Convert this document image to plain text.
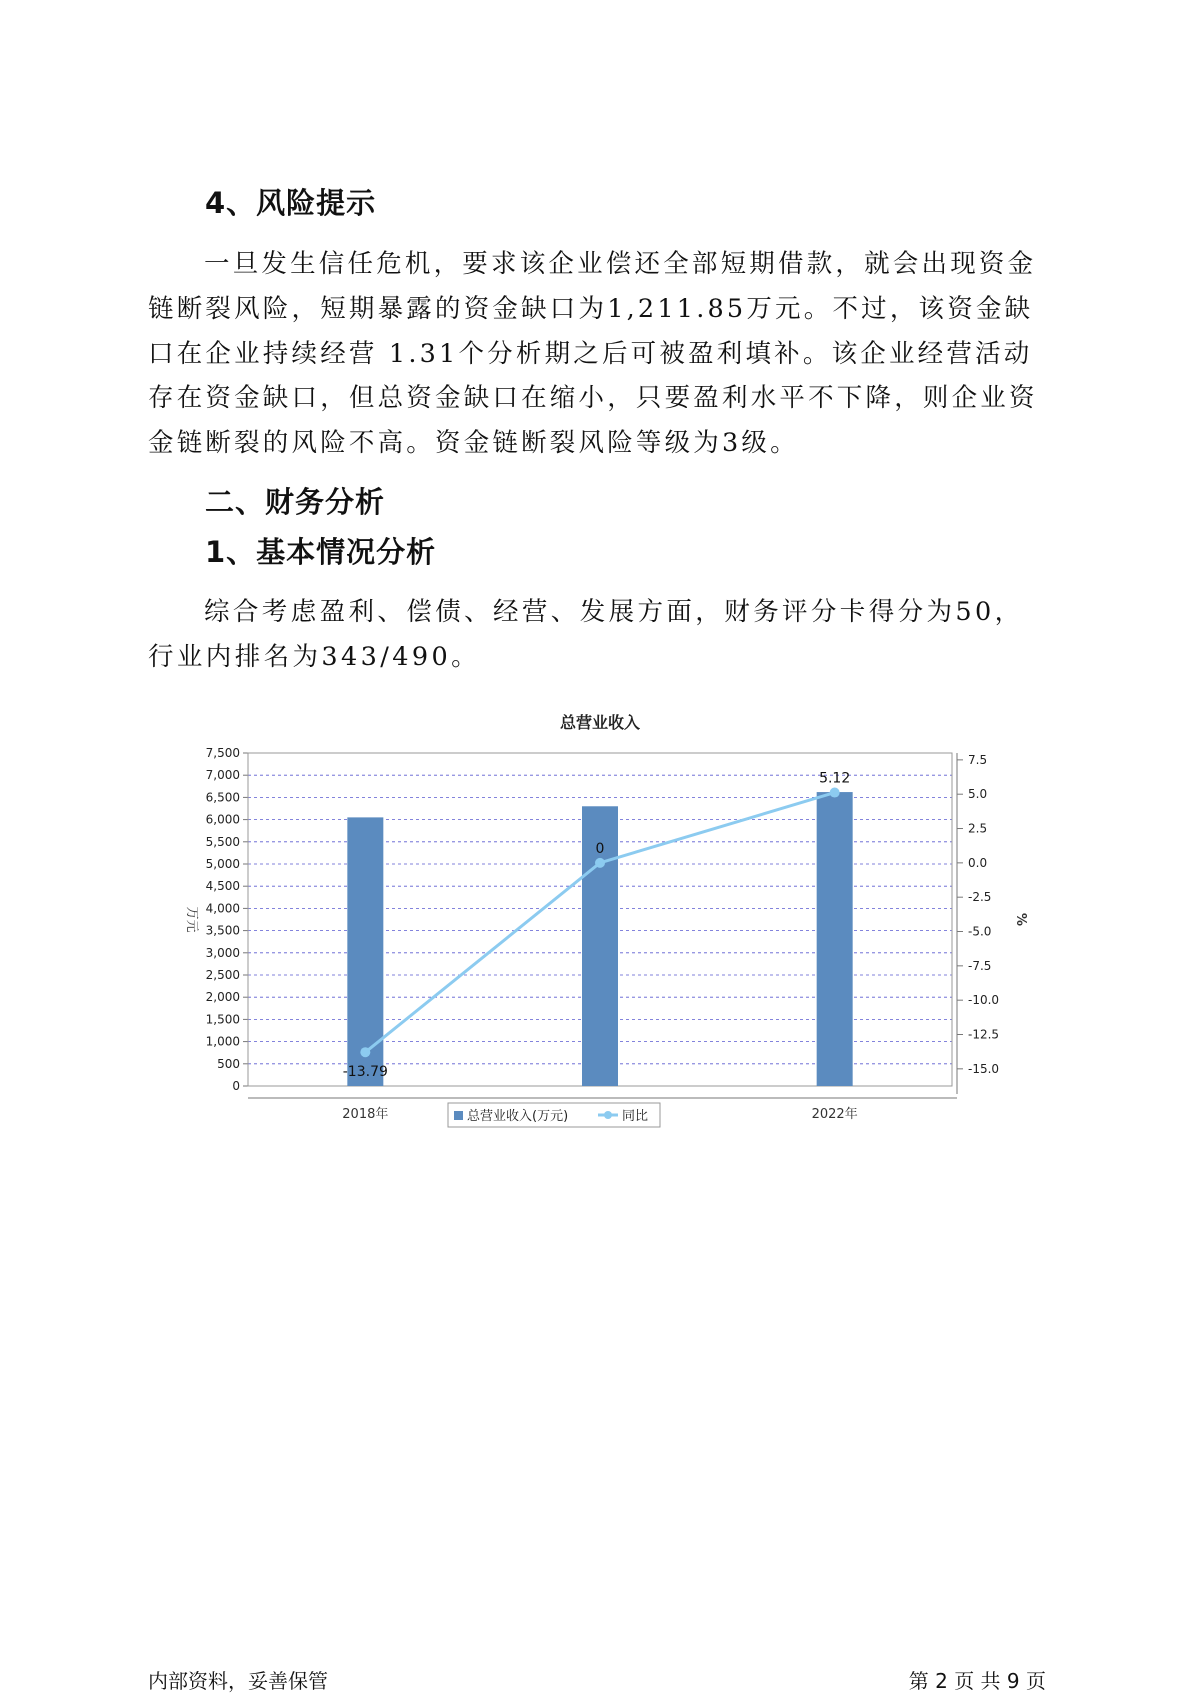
4、风险提示

一旦发生信任危机，要求该企业偿还全部短期借款，就会出现资金链断裂风险，短期暴露的资金缺口为1,211.85万元。不过，该资金缺口在企业持续经营 1.31个分析期之后可被盈利填补。该企业经营活动存在资金缺口，但总资金缺口在缩小，只要盈利水平不下降，则企业资金链断裂的风险不高。资金链断裂风险等级为3级。

二、财务分析
1、基本情况分析

综合考虑盈利、偿债、经营、发展方面，财务评分卡得分为50，行业内排名为343/490。

总营业收入
0
500
1,000
1,500
2,000
2,500
3,000
3,500
4,000
4,500
5,000
5,500
6,000
6,500
7,000
7,500
-15.0
-12.5
-10.0
-7.5
-5.0
-2.5
0.0
2.5
5.0
7.5
万元	%
2018年	2022年
-13.79
0
5.12
总营业收入(万元)	同比
内部资料，妥善保管	第 2 页 共 9 页
